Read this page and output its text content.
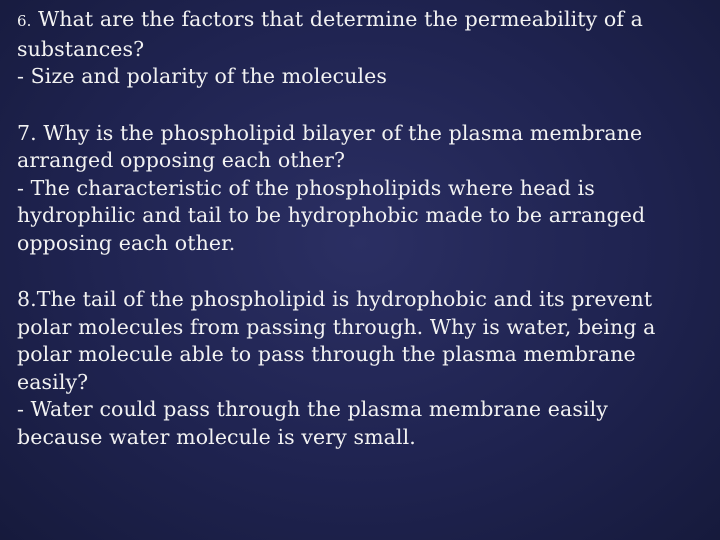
6. What are the factors that determine the permeability of a
substances?
- Size and polarity of the molecules
7. Why is the phospholipid bilayer of the plasma membrane
arranged opposing each other?
- The characteristic of the phospholipids where head is
hydrophilic and tail to be hydrophobic made to be arranged
opposing each other.
8.The tail of the phospholipid is hydrophobic and its prevent
polar molecules from passing through. Why is water, being a
polar molecule able to pass through the plasma membrane
easily?
- Water could pass through the plasma membrane easily
because water molecule is very small.
